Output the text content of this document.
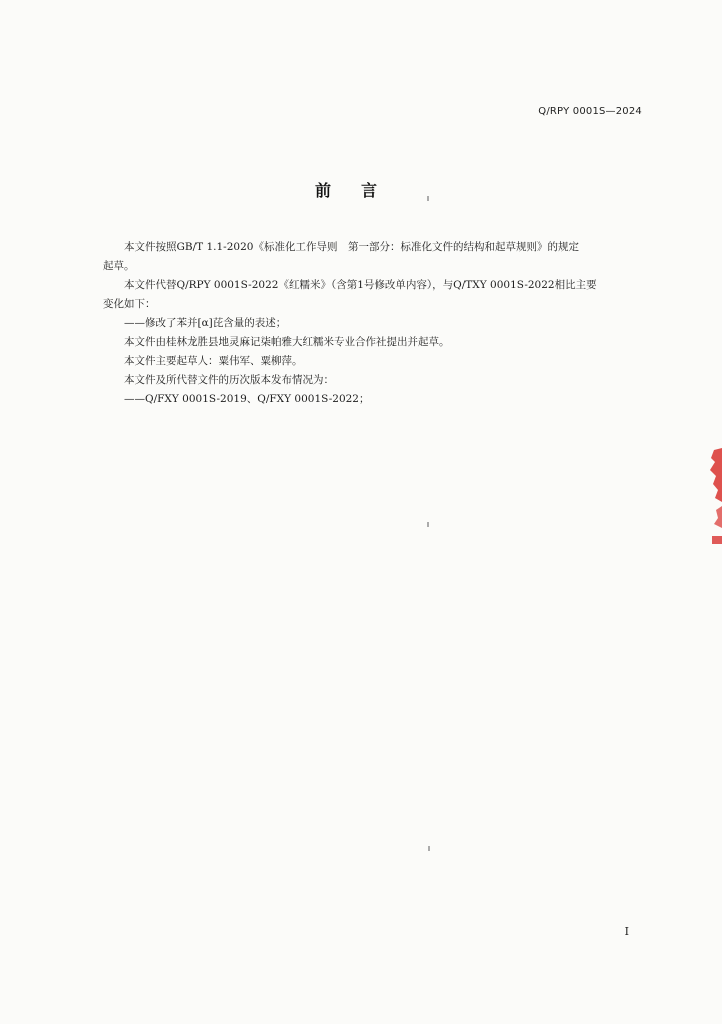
Q/RPY 0001S—2024
前言

本文件按照GB/T 1.1-2020《标准化工作导则　第一部分：标准化文件的结构和起草规则》的规定

起草。

本文件代替Q/RPY 0001S-2022《红糯米》（含第1号修改单内容），与Q/TXY 0001S-2022相比主要

变化如下：

——修改了苯并[α]芘含量的表述；

本文件由桂林龙胜县地灵麻记柒帕雅大红糯米专业合作社提出并起草。

本文件主要起草人：粟伟军、粟柳萍。

本文件及所代替文件的历次版本发布情况为：

——Q/FXY 0001S-2019、Q/FXY 0001S-2022；

I
